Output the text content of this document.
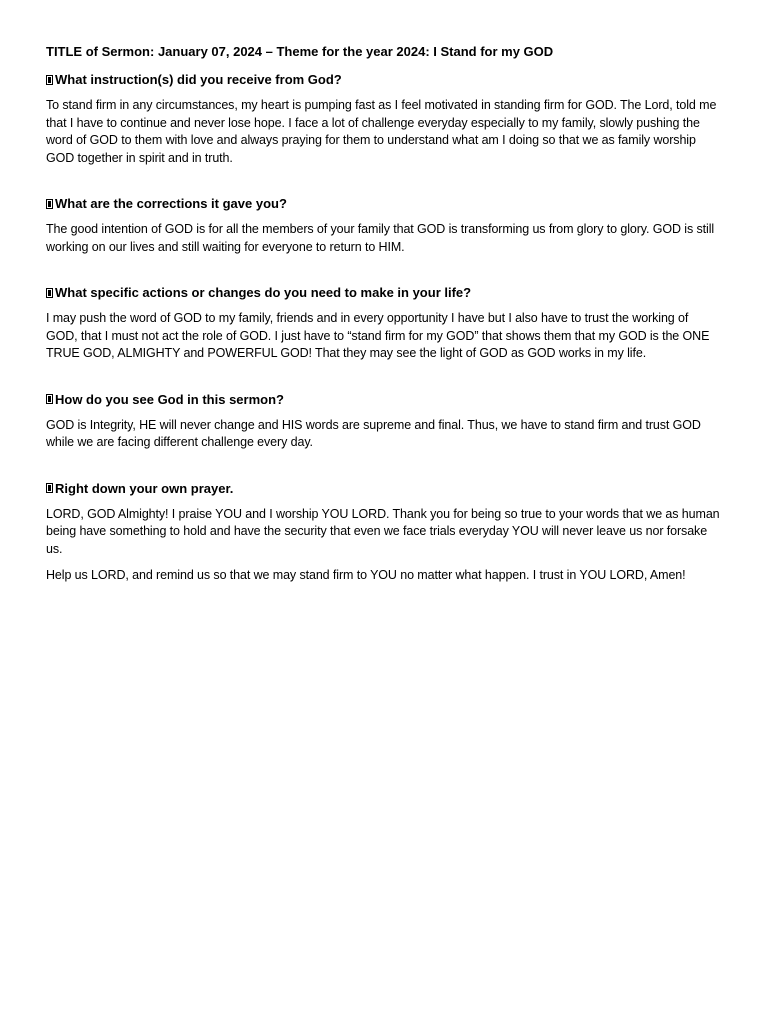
TITLE of Sermon: January 07, 2024 – Theme for the year 2024: I Stand for my GOD

What instruction(s) did you receive from God?

To stand firm in any circumstances, my heart is pumping fast as I feel motivated in standing firm for GOD. The Lord, told me that I have to continue and never lose hope. I face a lot of challenge everyday especially to my family, slowly pushing the word of GOD to them with love and always praying for them to understand what am I doing so that we as family worship GOD together in spirit and in truth.

What are the corrections it gave you?

The good intention of GOD is for all the members of your family that GOD is transforming us from glory to glory. GOD is still working on our lives and still waiting for everyone to return to HIM.

What specific actions or changes do you need to make in your life?

I may push the word of GOD to my family, friends and in every opportunity I have but I also have to trust the working of GOD, that I must not act the role of GOD. I just have to “stand firm for my GOD” that shows them that my GOD is the ONE TRUE GOD, ALMIGHTY and POWERFUL GOD! That they may see the light of GOD as GOD works in my life.

How do you see God in this sermon?

GOD is Integrity, HE will never change and HIS words are supreme and final. Thus, we have to stand firm and trust GOD while we are facing different challenge every day.

Right down your own prayer.

LORD, GOD Almighty! I praise YOU and I worship YOU LORD. Thank you for being so true to your words that we as human being have something to hold and have the security that even we face trials everyday YOU will never leave us nor forsake us.

Help us LORD, and remind us so that we may stand firm to YOU no matter what happen. I trust in YOU LORD, Amen!
